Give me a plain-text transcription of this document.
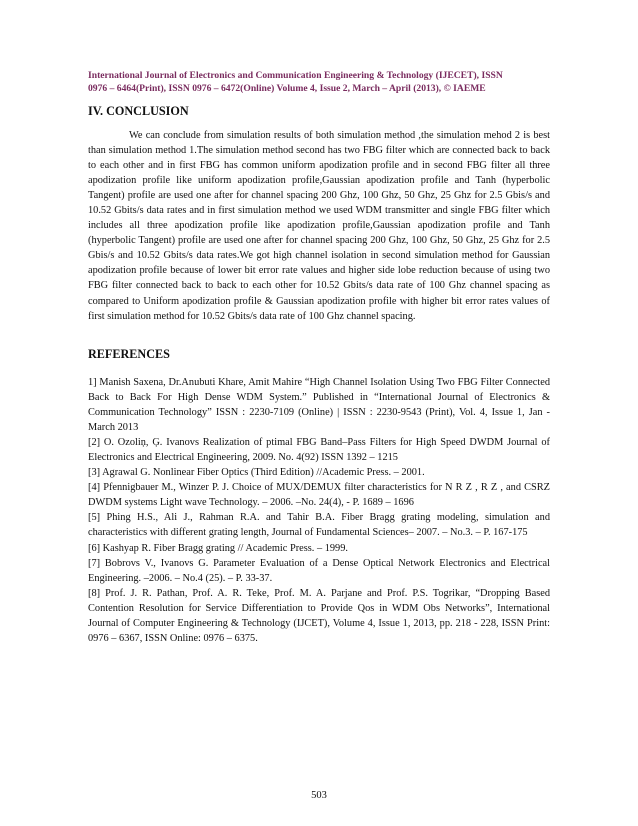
International Journal of Electronics and Communication Engineering & Technology (IJECET), ISSN
0976 – 6464(Print), ISSN 0976 – 6472(Online) Volume 4, Issue 2, March – April (2013), © IAEME
IV. CONCLUSION

We can conclude from simulation results of both simulation method ,the simulation mehod 2 is best than simulation method 1.The simulation method second has two FBG filter which are connected back to back to each other and in first FBG has common uniform apodization profile and in second FBG filter all three apodization profile like uniform apodization profile,Gaussian apodization profile and Tanh (hyperbolic Tangent) profile are used one after for channel spacing 200 Ghz, 100 Ghz, 50 Ghz, 25 Ghz for 2.5 Gbis/s and 10.52 Gbits/s data rates and in first simulation method we used WDM transmitter and single FBG filter which includes all three apodization profile like apodization profile,Gaussian apodization profile and Tanh (hyperbolic Tangent) profile are used one after for channel spacing 200 Ghz, 100 Ghz, 50 Ghz, 25 Ghz for 2.5 Gbis/s and 10.52 Gbits/s data rates.We got high channel isolation in second simulation method for Gaussian apodization profile because of lower bit error rate values and higher side lobe reduction because of using two FBG filter connected back to back to each other for 10.52 Gbits/s data rate of 100 Ghz channel spacing as compared to Uniform apodization profile & Gaussian apodization profile with higher bit error rates values of first simulation method for 10.52 Gbits/s data rate of 100 Ghz channel spacing.

REFERENCES

1] Manish Saxena, Dr.Anubuti Khare, Amit Mahire “High Channel Isolation Using Two FBG Filter Connected Back to Back For High Dense WDM System.” Published in “International Journal of Electronics & Communication Technology” ISSN : 2230-7109 (Online) | ISSN : 2230-9543 (Print), Vol. 4, Issue 1, Jan - March 2013

[2] O. Ozoliņ, Ģ. Ivanovs Realization of ptimal FBG Band–Pass Filters for High Speed DWDM Journal of Electronics and Electrical Engineering, 2009. No. 4(92) ISSN 1392 – 1215

[3] Agrawal G. Nonlinear Fiber Optics (Third Edition) //Academic Press. – 2001.

[4] Pfennigbauer M., Winzer P. J. Choice of MUX/DEMUX filter characteristics for N R Z , R Z , and CSRZ DWDM systems Light wave Technology. – 2006. –No. 24(4), - P. 1689 – 1696

[5] Phing H.S., Ali J., Rahman R.A. and Tahir B.A. Fiber Bragg grating modeling, simulation and characteristics with different grating length, Journal of Fundamental Sciences– 2007. – No.3. – P. 167-175

[6] Kashyap R. Fiber Bragg grating // Academic Press. – 1999.

[7] Bobrovs V., Ivanovs G. Parameter Evaluation of a Dense Optical Network Electronics and Electrical Engineering. –2006. – No.4 (25). – P. 33-37.

[8] Prof. J. R. Pathan, Prof. A. R. Teke, Prof. M. A. Parjane and Prof. P.S. Togrikar, “Dropping Based Contention Resolution for Service Differentiation to Provide Qos in WDM Obs Networks”, International Journal of Computer Engineering & Technology (IJCET), Volume 4, Issue 1, 2013, pp. 218 - 228, ISSN Print: 0976 – 6367, ISSN Online: 0976 – 6375.

503
